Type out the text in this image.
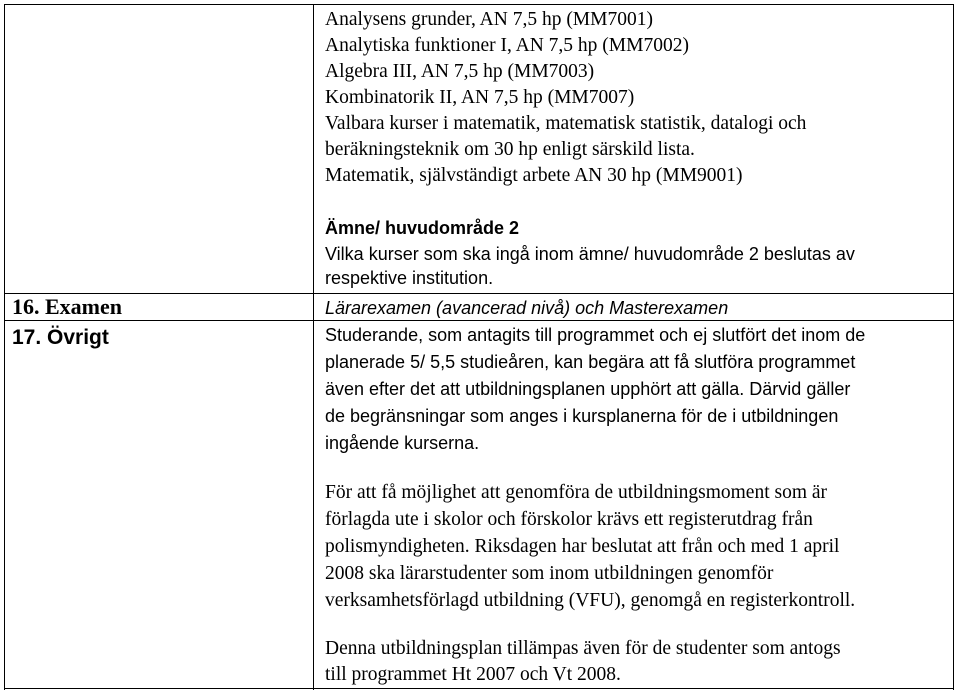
Analysens grunder, AN 7,5 hp (MM7001)
Analytiska funktioner I, AN 7,5 hp (MM7002)
Algebra III, AN 7,5 hp (MM7003)
Kombinatorik II, AN 7,5 hp (MM7007)
Valbara kurser i matematik, matematisk statistik, datalogi och
beräkningsteknik om 30 hp enligt särskild lista.
Matematik, självständigt arbete AN 30 hp (MM9001)
Ämne/ huvudområde 2
Vilka kurser som ska ingå inom ämne/ huvudområde 2 beslutas av
respektive institution.
16. Examen	Lärarexamen (avancerad nivå) och Masterexamen
17. Övrigt	Studerande, som antagits till programmet och ej slutfört det inom de
planerade 5/ 5,5 studieåren, kan begära att få slutföra programmet
även efter det att utbildningsplanen upphört att gälla. Därvid gäller
de begränsningar som anges i kursplanerna för de i utbildningen
ingående kurserna.
För att få möjlighet att genomföra de utbildningsmoment som är
förlagda ute i skolor och förskolor krävs ett registerutdrag från
polismyndigheten. Riksdagen har beslutat att från och med 1 april
2008 ska lärarstudenter som inom utbildningen genomför
verksamhetsförlagd utbildning (VFU), genomgå en registerkontroll.
Denna utbildningsplan tillämpas även för de studenter som antogs
till programmet Ht 2007 och Vt 2008.
